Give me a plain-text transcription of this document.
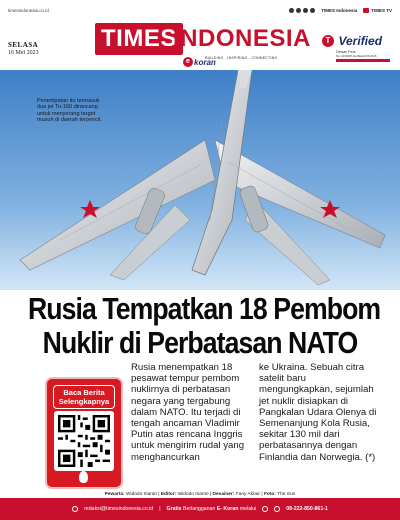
timesindonesia.co.id	TIMES Indonesia	TIMES TV
SELASA
16 Mei 2023
TIMES
INDONESIA
BUILDING - INSPIRING - CONNECTING
e koran
T Verified
Dewan Pers
No. 1000/DP-Verifikasi/K/X/2018
Penempatan itu termasuk dua jet Tu-160 dirancang untuk menyerang target musuh di daerah terpencil.
Rusia Tempatkan 18 Pembom
Nuklir di Perbatasan NATO
Baca Berita Selengkapnya
Rusia menempatkan 18 pesawat tempur pembom nuklirnya di perbatasan negara yang tergabung dalam NATO. Itu terjadi di tengah ancaman Vladimir Putin atas rencana Inggris untuk mengirim rudal yang menghancurkan
ke Ukraina. Sebuah citra satelit baru mengungkapkan, sejumlah jet nuklir disiapkan di Pangkalan Udara Olenya di Semenanjung Kola Rusia, sekitar 130 mil dari perbatasannya dengan Finlandia dan Norwegia. (*)
Pewarta: Widodo Irianto | Editor: Widodo Irianto | Desainer: Fany Akbar | Foto: The Sun
redaksi@timesindonesia.co.id | Gratis Berlangganan E- Koran melalui	08-222-850-861-1
